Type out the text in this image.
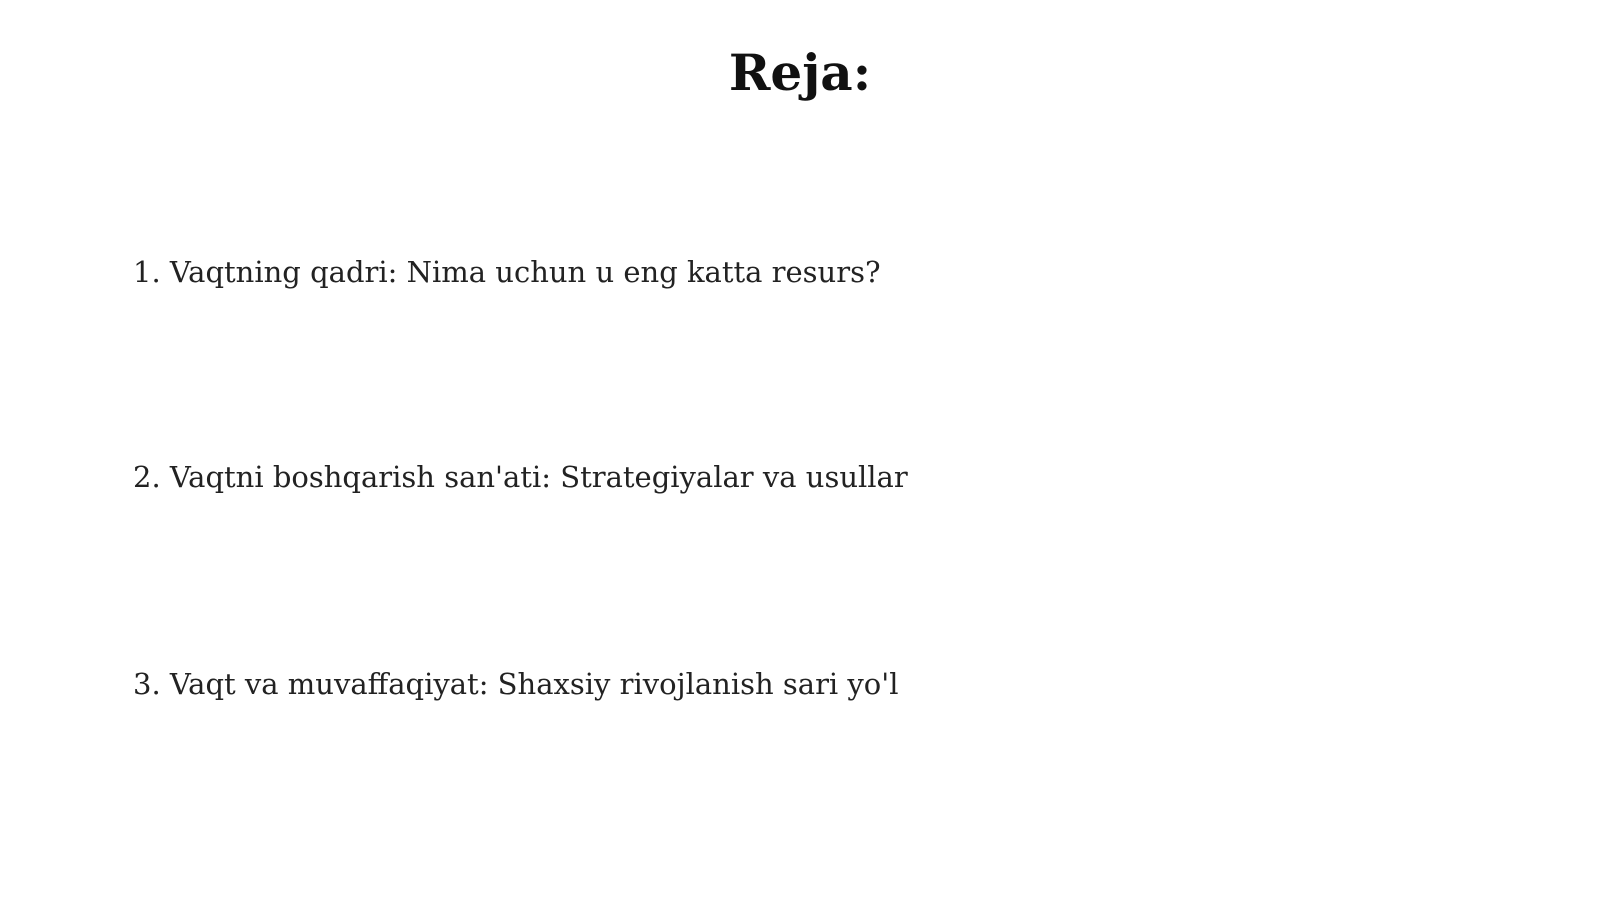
Reja:
1. Vaqtning qadri: Nima uchun u eng katta resurs?
2. Vaqtni boshqarish san'ati: Strategiyalar va usullar
3. Vaqt va muvaffaqiyat: Shaxsiy rivojlanish sari yo'l
